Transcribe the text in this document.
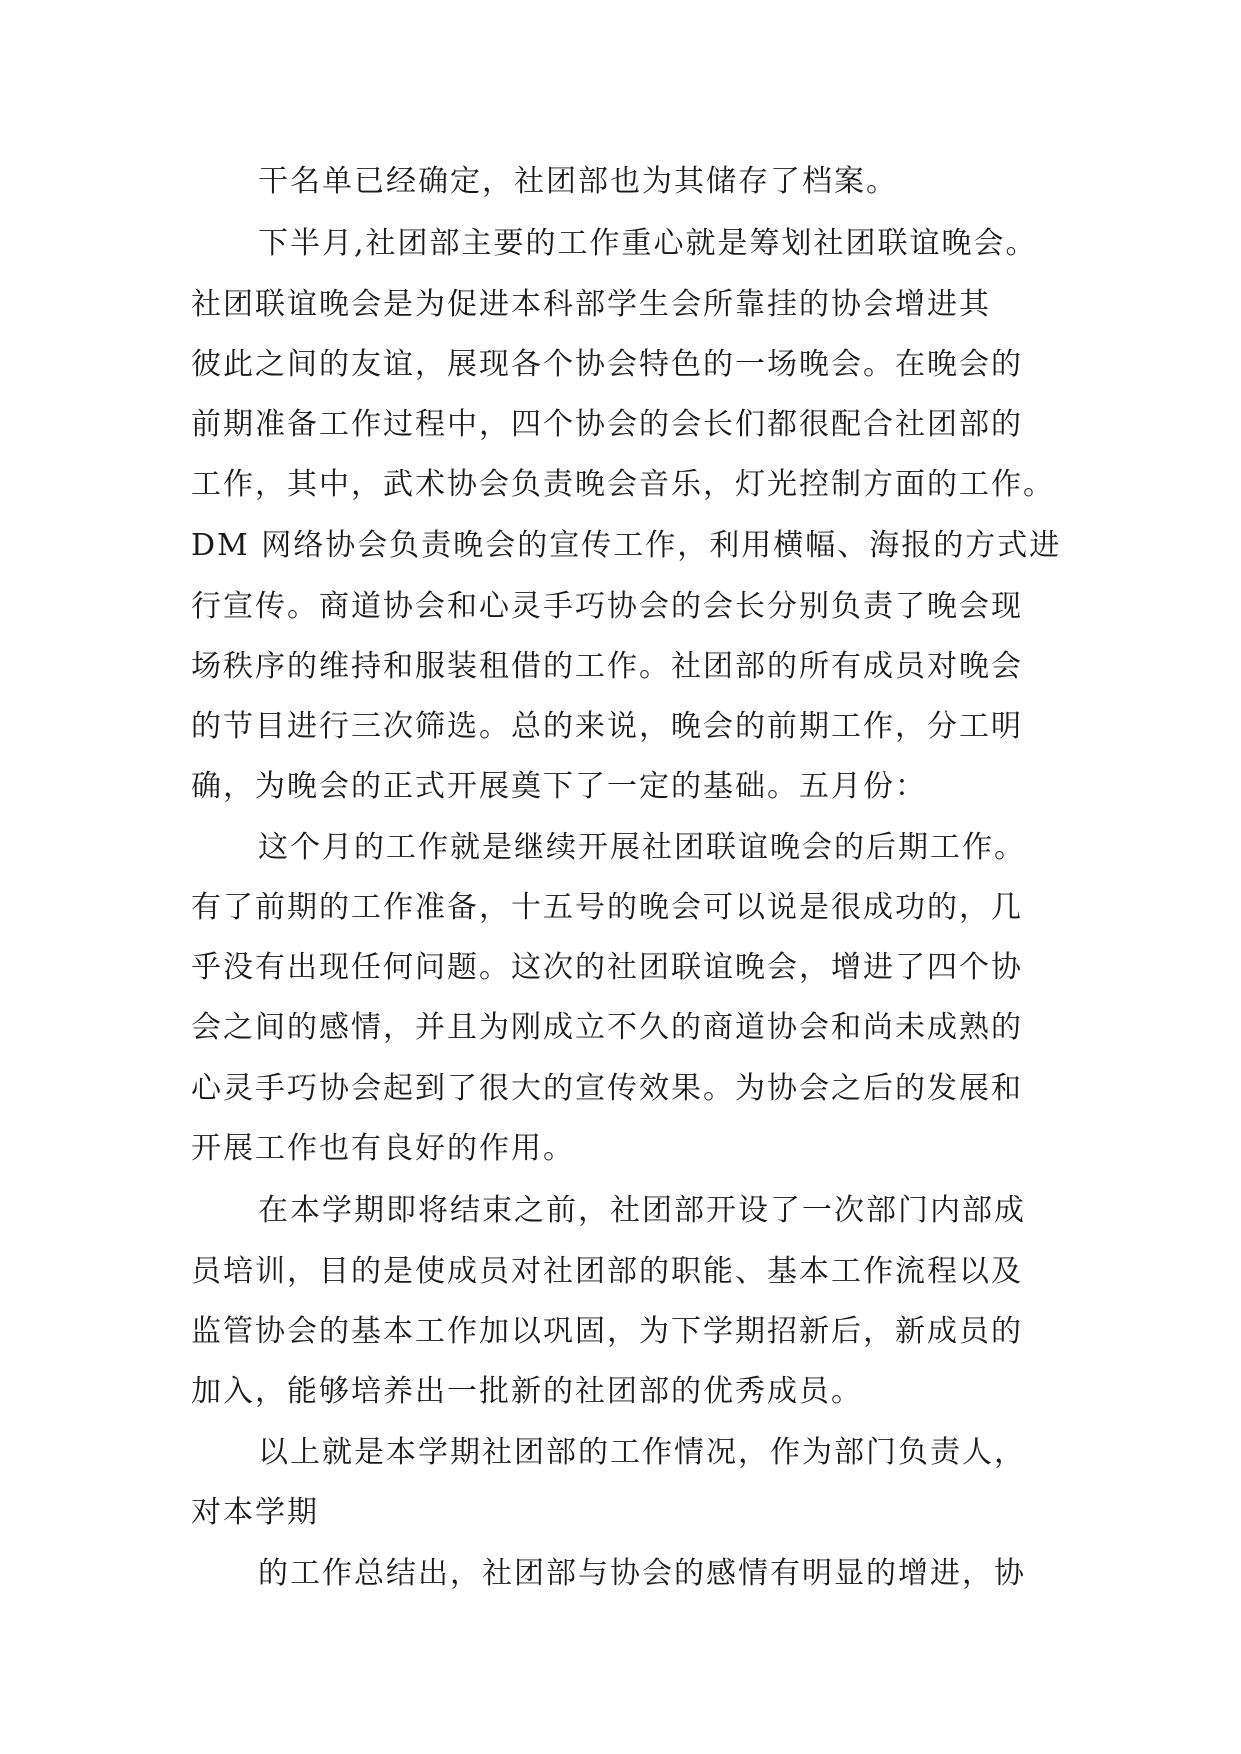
干名单已经确定，社团部也为其储存了档案。
下半月,社团部主要的工作重心就是筹划社团联谊晚会。
社团联谊晚会是为促进本科部学生会所靠挂的协会增进其
彼此之间的友谊，展现各个协会特色的一场晚会。在晚会的
前期准备工作过程中，四个协会的会长们都很配合社团部的
工作，其中，武术协会负责晚会音乐，灯光控制方面的工作。
DM 网络协会负责晚会的宣传工作，利用横幅、海报的方式进
行宣传。商道协会和心灵手巧协会的会长分别负责了晚会现
场秩序的维持和服装租借的工作。社团部的所有成员对晚会
的节目进行三次筛选。总的来说，晚会的前期工作，分工明
确，为晚会的正式开展奠下了一定的基础。五月份：
这个月的工作就是继续开展社团联谊晚会的后期工作。
有了前期的工作准备，十五号的晚会可以说是很成功的，几
乎没有出现任何问题。这次的社团联谊晚会，增进了四个协
会之间的感情，并且为刚成立不久的商道协会和尚未成熟的
心灵手巧协会起到了很大的宣传效果。为协会之后的发展和
开展工作也有良好的作用。
在本学期即将结束之前，社团部开设了一次部门内部成
员培训，目的是使成员对社团部的职能、基本工作流程以及
监管协会的基本工作加以巩固，为下学期招新后，新成员的
加入，能够培养出一批新的社团部的优秀成员。
以上就是本学期社团部的工作情况，作为部门负责人，
对本学期
的工作总结出，社团部与协会的感情有明显的增进，协
